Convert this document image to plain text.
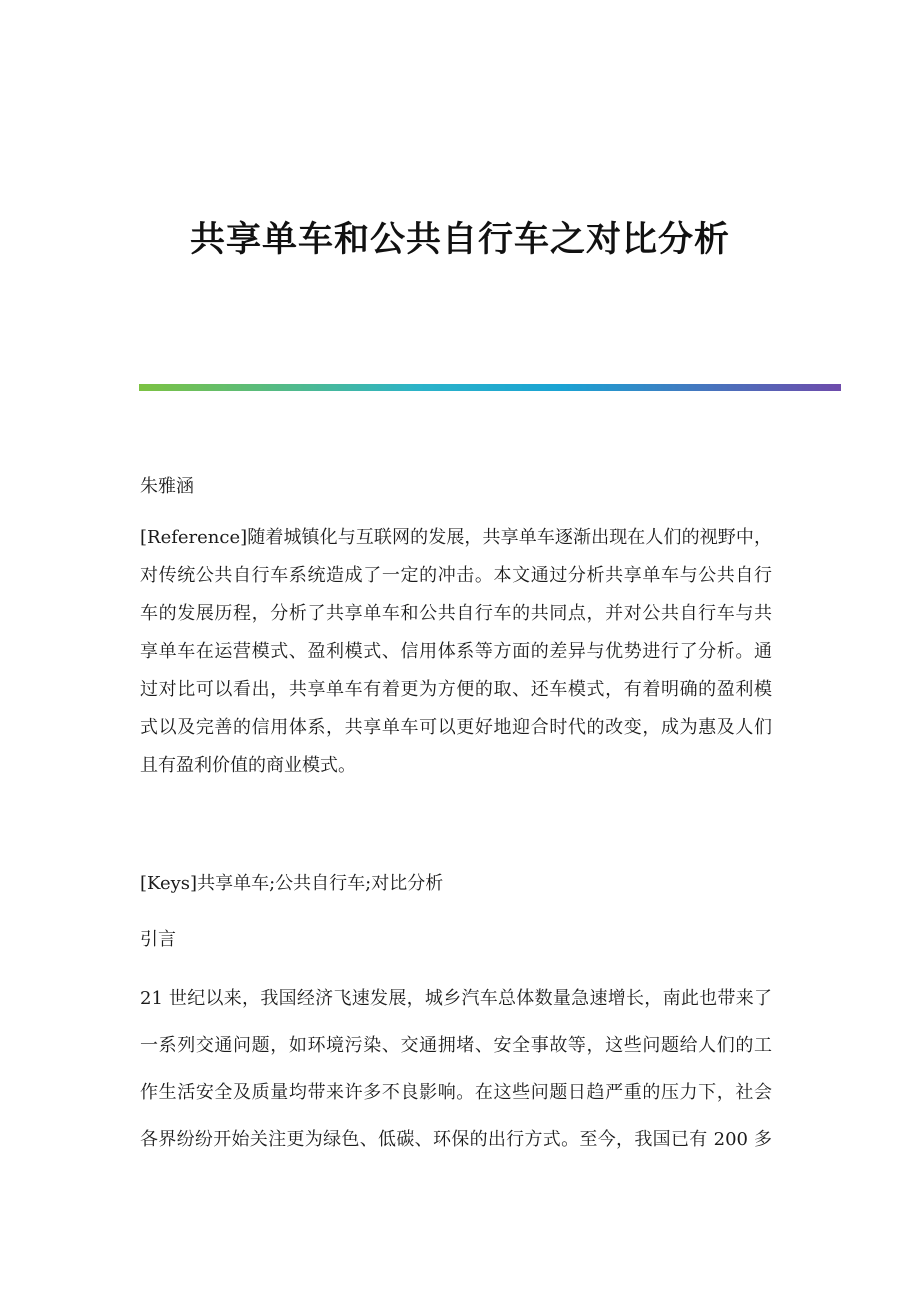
共享单车和公共自行车之对比分析

朱雅涵

[Reference]随着城镇化与互联网的发展，共享单车逐渐出现在人们的视野中，
对传统公共自行车系统造成了一定的冲击。本文通过分析共享单车与公共自行
车的发展历程，分析了共享单车和公共自行车的共同点，并对公共自行车与共
享单车在运营模式、盈利模式、信用体系等方面的差异与优势进行了分析。通
过对比可以看出，共享单车有着更为方便的取、还车模式，有着明确的盈利模
式以及完善的信用体系，共享单车可以更好地迎合时代的改变，成为惠及人们
且有盈利价值的商业模式。

[Keys]共享单车;公共自行车;对比分析

引言

21 世纪以来，我国经济飞速发展，城乡汽车总体数量急速增长，南此也带来了
一系列交通问题，如环境污染、交通拥堵、安全事故等，这些问题给人们的工
作生活安全及质量均带来许多不良影响。在这些问题日趋严重的压力下，社会
各界纷纷开始关注更为绿色、低碳、环保的出行方式。至今，我国已有 200 多
